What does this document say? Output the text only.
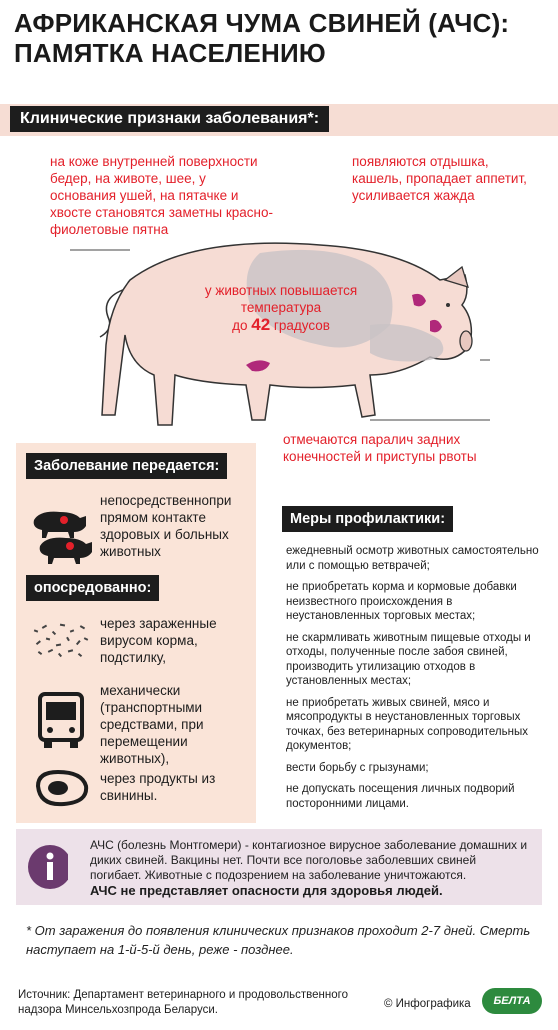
АФРИКАНСКАЯ ЧУМА СВИНЕЙ (АЧС):
ПАМЯТКА НАСЕЛЕНИЮ
Клинические признаки заболевания*:
на коже внутренней поверхности бедер, на животе, шее, у основания ушей, на пятачке и хвосте становятся заметны красно-фиолетовые пятна
появляются отдышка, кашель, пропадает аппетит, усиливается жажда
у животных повышается температура
до 42 градусов
отмечаются паралич задних конечностей и приступы рвоты
Заболевание передается:
непосредственнопри прямом контакте здоровых и больных животных
опосредованно:
через зараженные вирусом корма, подстилку,
механически (транспортными средствами, при перемещении животных),
через продукты из свинины.
Меры профилактики:
ежедневный осмотр животных самостоятельно или с помощью ветврачей;
не приобретать корма и кормовые добавки неизвестного происхождения в неустановленных торговых местах;
не скармливать животным пищевые отходы и отходы, полученные после забоя свиней, производить утилизацию отходов в установленных местах;
не приобретать живых свиней, мясо и мясопродукты в неустановленных торговых точках, без ветеринарных сопроводительных документов;
вести борьбу с грызунами;
не допускать посещения личных подворий посторонними лицами.
АЧС (болезнь Монтгомери) - контагиозное вирусное заболевание домашних и диких свиней. Вакцины нет. Почти все поголовье заболевших свиней погибает. Животные с подозрением на заболевание уничтожаются.
АЧС не представляет опасности для здоровья людей.
* От заражения до появления клинических признаков проходит 2-7 дней. Смерть наступает на 1-й-5-й день, реже - позднее.
Источник: Департамент ветеринарного и продовольственного надзора Минсельхозпрода Беларуси.	© Инфографика	БЕЛТА
